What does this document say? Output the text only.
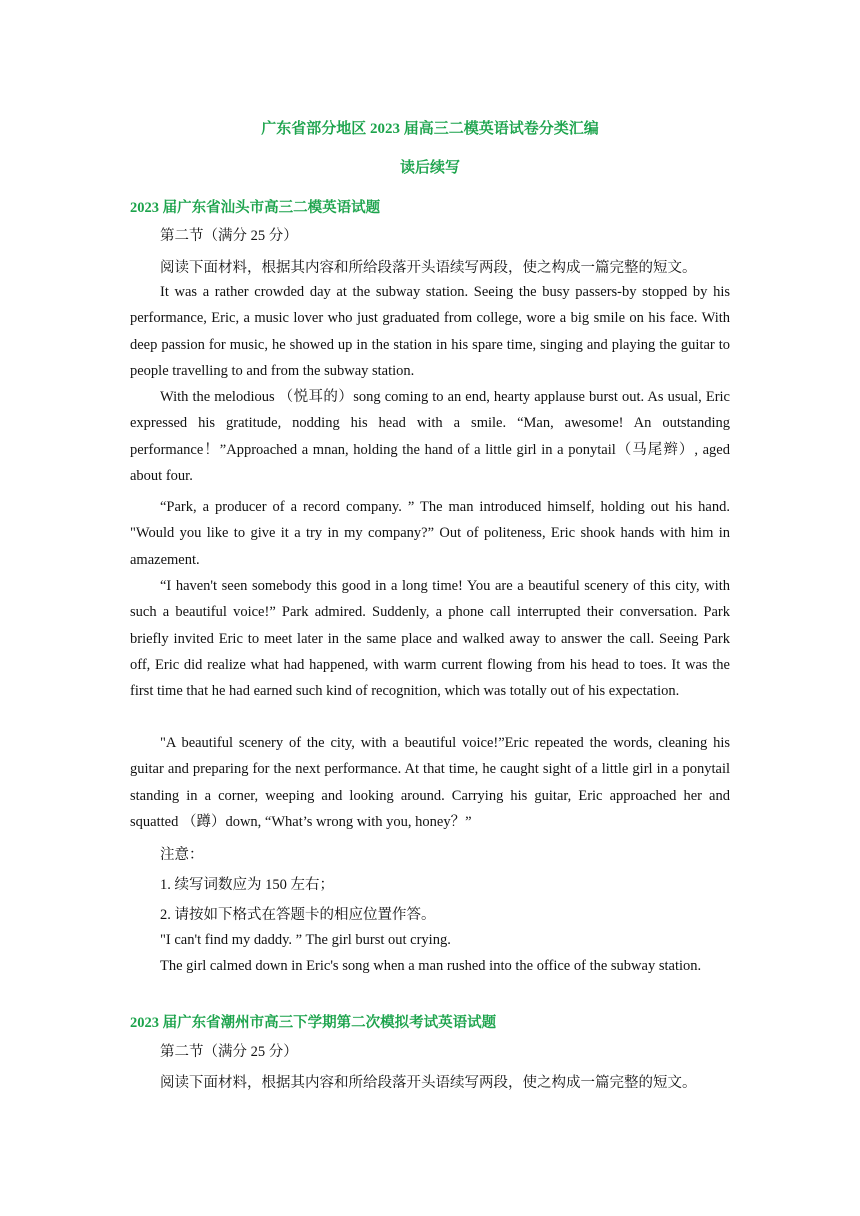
广东省部分地区 2023 届高三二模英语试卷分类汇编
读后续写
2023 届广东省汕头市高三二模英语试题
第二节（满分 25 分）
阅读下面材料，根据其内容和所给段落开头语续写两段，使之构成一篇完整的短文。

It was a rather crowded day at the subway station. Seeing the busy passers-by stopped by his performance, Eric, a music lover who just graduated from college, wore a big smile on his face. With deep passion for music, he showed up in the station in his spare time, singing and playing the guitar to people travelling to and from the subway station.

With the melodious （悦耳的）song coming to an end, hearty applause burst out. As usual, Eric expressed his gratitude, nodding his head with a smile. “Man, awesome! An outstanding performance！”Approached a mnan, holding the hand of a little girl in a ponytail（马尾辫）, aged about four.

“Park, a producer of a record company. ” The man introduced himself, holding out his hand. "Would you like to give it a try in my company?” Out of politeness, Eric shook hands with him in amazement.

“I haven't seen somebody this good in a long time! You are a beautiful scenery of this city, with such a beautiful voice!” Park admired. Suddenly, a phone call interrupted their conversation. Park briefly invited Eric to meet later in the same place and walked away to answer the call. Seeing Park off, Eric did realize what had happened, with warm current flowing from his head to toes. It was the first time that he had earned such kind of recognition, which was totally out of his expectation.

"A beautiful scenery of the city, with a beautiful voice!”Eric repeated the words, cleaning his guitar and preparing for the next performance. At that time, he caught sight of a little girl in a ponytail standing in a corner, weeping and looking around. Carrying his guitar, Eric approached her and squatted （蹲）down, “What’s wrong with you, honey？”

注意：
1. 续写词数应为 150 左右；
2. 请按如下格式在答题卡的相应位置作答。
"I can't find my daddy. ” The girl burst out crying.
The girl calmed down in Eric's song when a man rushed into the office of the subway station.
2023 届广东省潮州市高三下学期第二次模拟考试英语试题
第二节（满分 25 分）
阅读下面材料，根据其内容和所给段落开头语续写两段，使之构成一篇完整的短文。
